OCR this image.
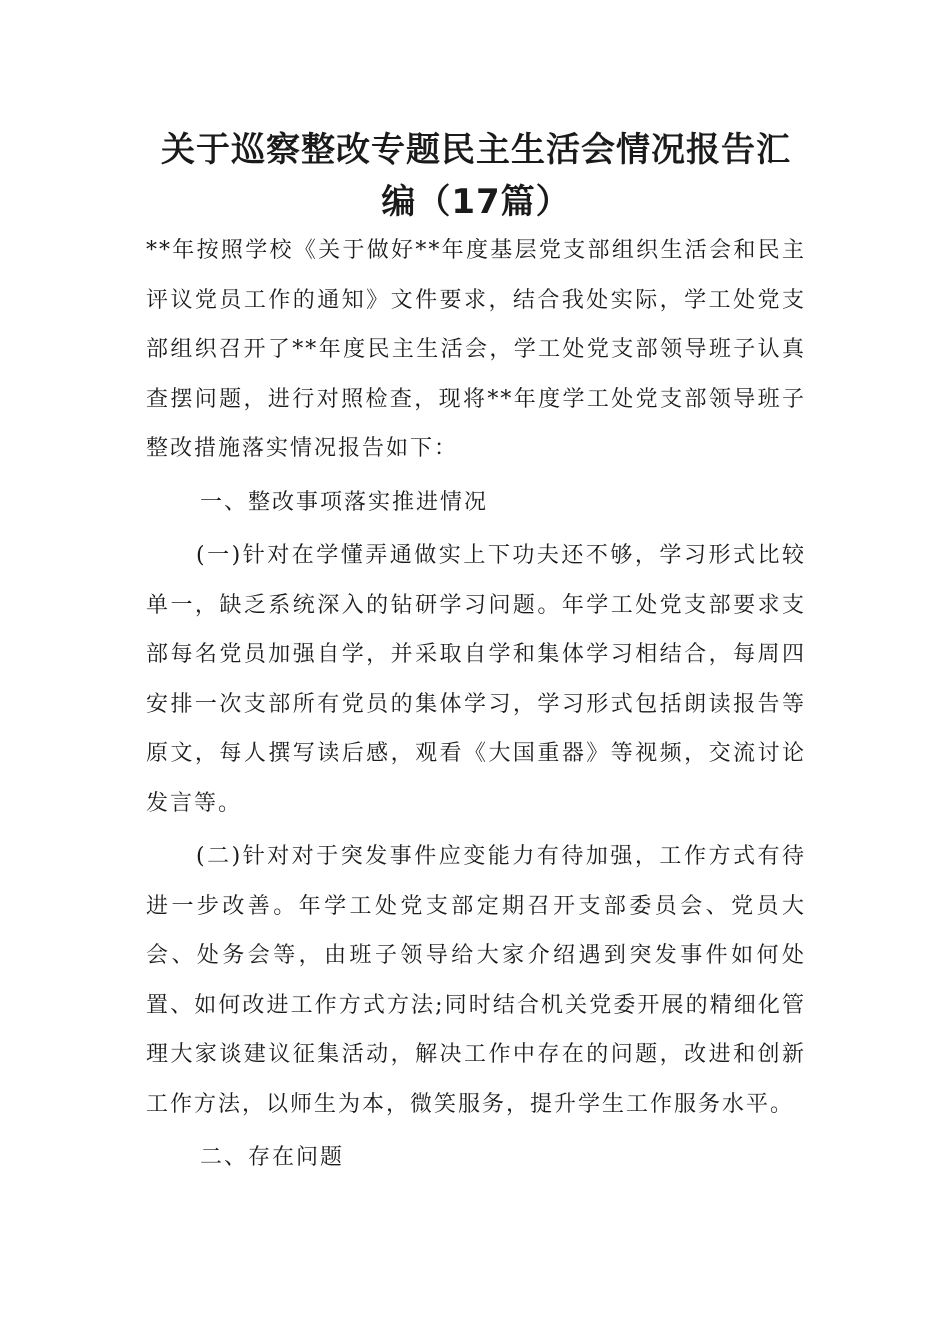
关于巡察整改专题民主生活会情况报告汇编（17篇）

**年按照学校《关于做好**年度基层党支部组织生活会和民主评议党员工作的通知》文件要求，结合我处实际，学工处党支部组织召开了**年度民主生活会，学工处党支部领导班子认真查摆问题，进行对照检查，现将**年度学工处党支部领导班子整改措施落实情况报告如下：

一、整改事项落实推进情况

(一)针对在学懂弄通做实上下功夫还不够，学习形式比较单一，缺乏系统深入的钻研学习问题。年学工处党支部要求支部每名党员加强自学，并采取自学和集体学习相结合，每周四安排一次支部所有党员的集体学习，学习形式包括朗读报告等原文，每人撰写读后感，观看《大国重器》等视频，交流讨论发言等。

(二)针对对于突发事件应变能力有待加强，工作方式有待进一步改善。年学工处党支部定期召开支部委员会、党员大会、处务会等，由班子领导给大家介绍遇到突发事件如何处置、如何改进工作方式方法;同时结合机关党委开展的精细化管理大家谈建议征集活动，解决工作中存在的问题，改进和创新工作方法，以师生为本，微笑服务，提升学生工作服务水平。

二、存在问题
